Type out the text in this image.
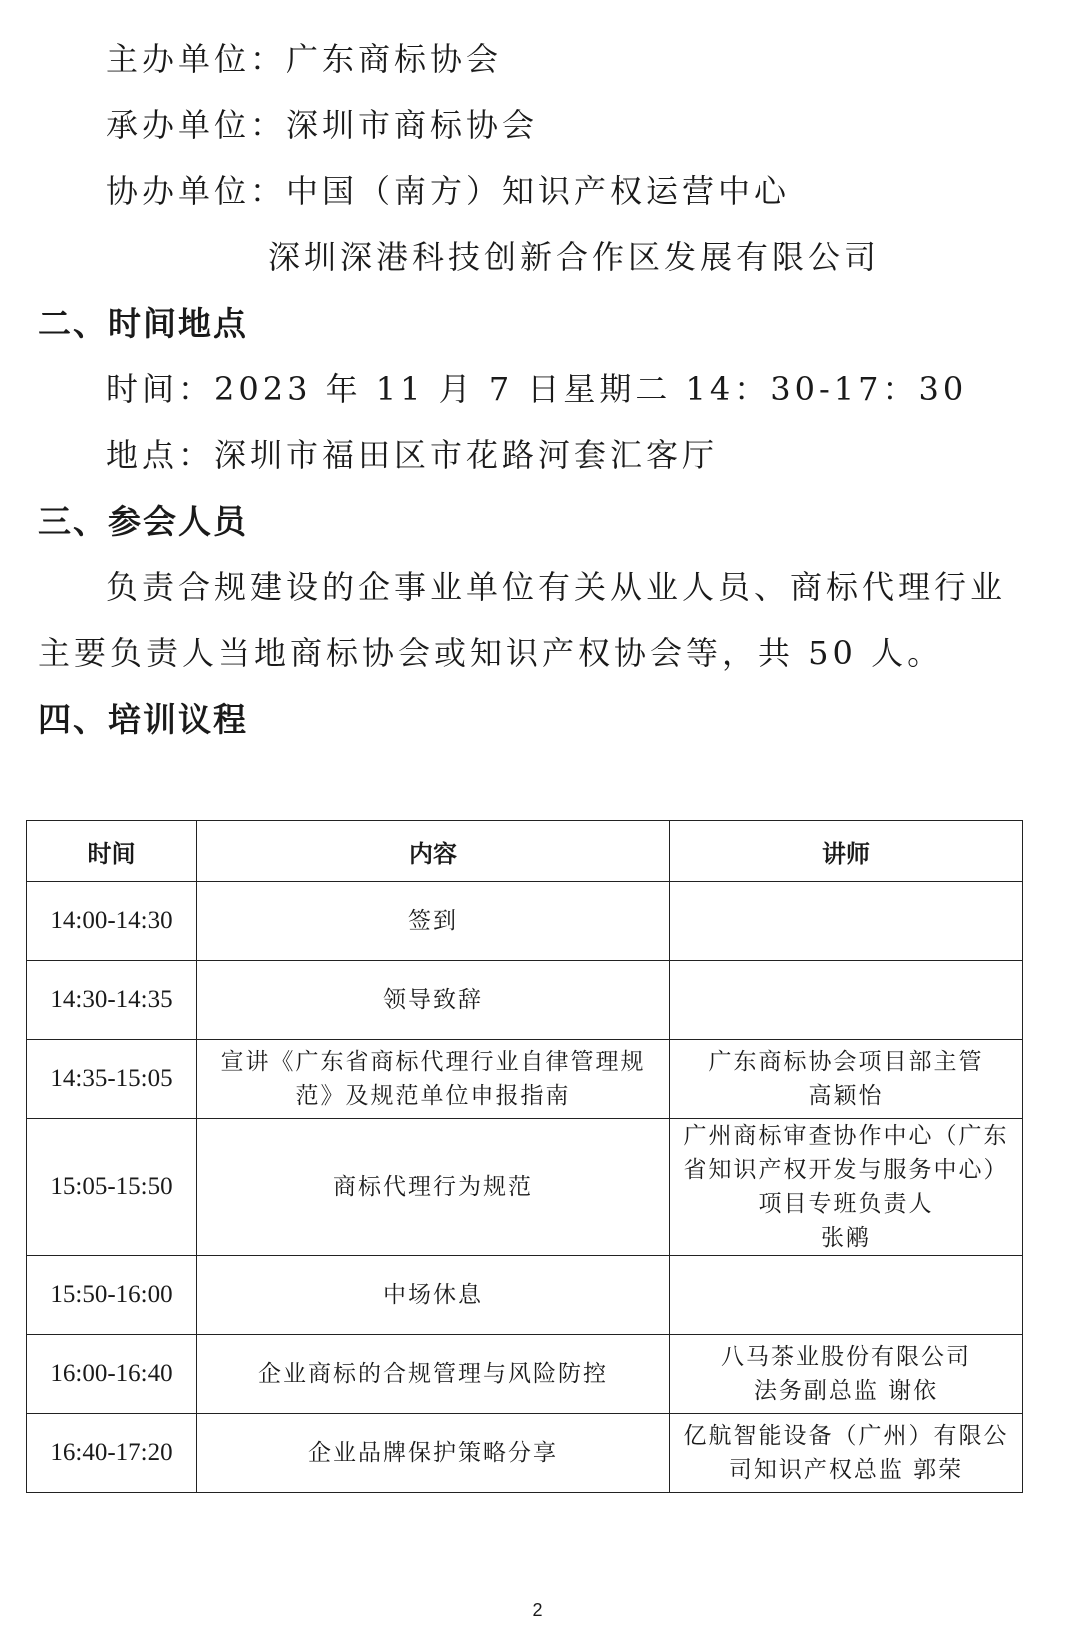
主办单位：广东商标协会
承办单位：深圳市商标协会
协办单位：中国（南方）知识产权运营中心
深圳深港科技创新合作区发展有限公司
二、时间地点
时间：2023 年 11 月 7 日星期二 14：30-17：30
地点：深圳市福田区市花路河套汇客厅
三、参会人员
负责合规建设的企事业单位有关从业人员、商标代理行业
主要负责人当地商标协会或知识产权协会等，共 50 人。
四、培训议程
时间	内容	讲师
14:00-14:30	签到	
14:30-14:35	领导致辞	
14:35-15:05	宣讲《广东省商标代理行业自律管理规范》及规范单位申报指南	广东商标协会项目部主管
高颖怡
15:05-15:50	商标代理行为规范	广州商标审查协作中心（广东省知识产权开发与服务中心）项目专班负责人
张鹇
15:50-16:00	中场休息	
16:00-16:40	企业商标的合规管理与风险防控	八马茶业股份有限公司
法务副总监 谢依
16:40-17:20	企业品牌保护策略分享	亿航智能设备（广州）有限公司知识产权总监 郭荣
2
